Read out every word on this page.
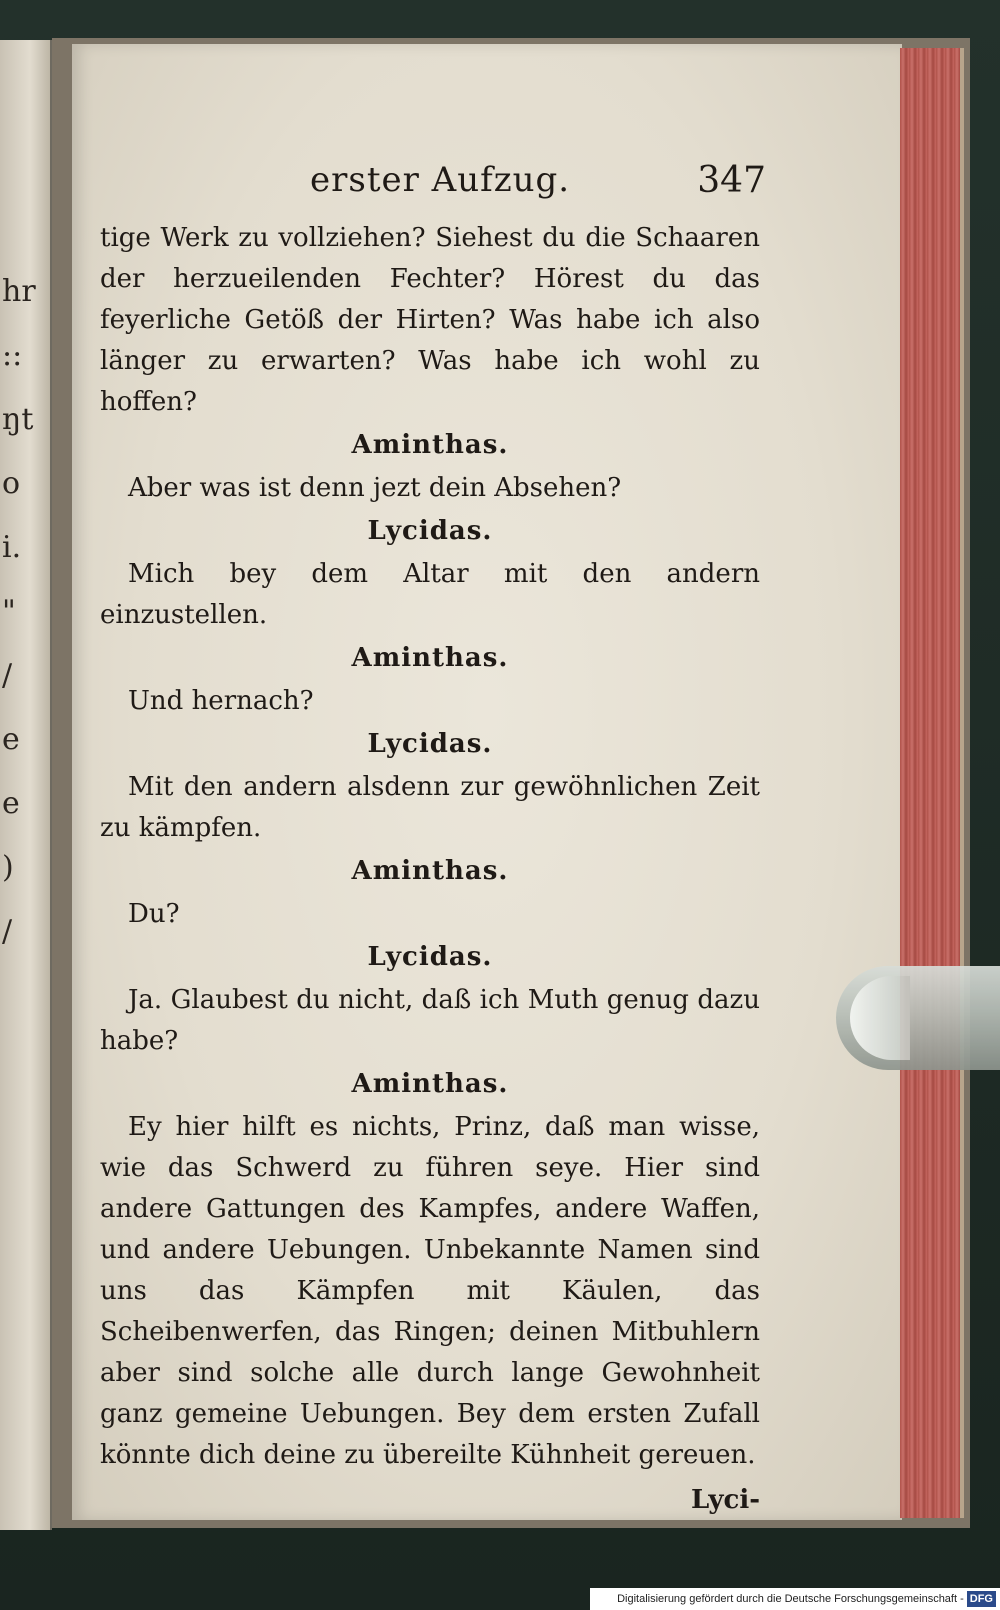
hr
::
ŋt
o
i.
"
/
e
e
)
/
erster Aufzug.	347

tige Werk zu vollziehen? Siehest du die Schaaren der herzueilenden Fechter? Hörest du das feyerliche Getöß der Hirten? Was habe ich also länger zu erwarten? Was habe ich wohl zu hoffen?

Aminthas.

Aber was ist denn jezt dein Absehen?

Lycidas.

Mich bey dem Altar mit den andern einzustellen.

Aminthas.

Und hernach?

Lycidas.

Mit den andern alsdenn zur gewöhnlichen Zeit zu kämpfen.

Aminthas.

Du?

Lycidas.

Ja. Glaubest du nicht, daß ich Muth genug dazu habe?

Aminthas.

Ey hier hilft es nichts, Prinz, daß man wisse, wie das Schwerd zu führen seye. Hier sind andere Gattungen des Kampfes, andere Waffen, und andere Uebungen. Unbekannte Namen sind uns das Kämpfen mit Käulen, das Scheibenwerfen, das Ringen; deinen Mitbuhlern aber sind solche alle durch lange Gewohnheit ganz gemeine Uebungen. Bey dem ersten Zufall könnte dich deine zu übereilte Kühnheit gereuen.

Lyci-
Digitalisierung gefördert durch die Deutsche Forschungsgemeinschaft - DFG
